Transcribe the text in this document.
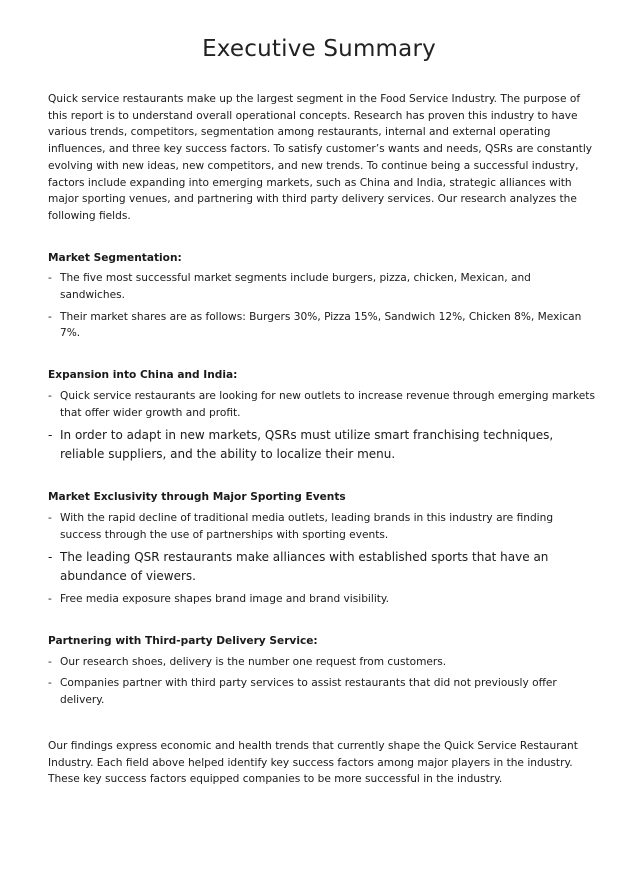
Executive Summary

Quick service restaurants make up the largest segment in the Food Service Industry. The purpose of this report is to understand overall operational concepts. Research has proven this industry to have various trends, competitors, segmentation among restaurants, internal and external operating influences, and three key success factors. To satisfy customer’s wants and needs, QSRs are constantly evolving with new ideas, new competitors, and new trends. To continue being a successful industry, factors include expanding into emerging markets, such as China and India, strategic alliances with major sporting venues, and partnering with third party delivery services. Our research analyzes the following fields.

Market Segmentation:

- The five most successful market segments include burgers, pizza, chicken, Mexican, and sandwiches.
- Their market shares are as follows: Burgers 30%, Pizza 15%, Sandwich 12%, Chicken 8%, Mexican 7%.

Expansion into China and India:

- Quick service restaurants are looking for new outlets to increase revenue through emerging markets that offer wider growth and profit.
- In order to adapt in new markets, QSRs must utilize smart franchising techniques, reliable suppliers, and the ability to localize their menu.

Market Exclusivity through Major Sporting Events

- With the rapid decline of traditional media outlets, leading brands in this industry are finding success through the use of partnerships with sporting events.
- The leading QSR restaurants make alliances with established sports that have an abundance of viewers.
- Free media exposure shapes brand image and brand visibility.

Partnering with Third-party Delivery Service:

- Our research shoes, delivery is the number one request from customers.
- Companies partner with third party services to assist restaurants that did not previously offer delivery.

Our findings express economic and health trends that currently shape the Quick Service Restaurant Industry. Each field above helped identify key success factors among major players in the industry. These key success factors equipped companies to be more successful in the industry.
